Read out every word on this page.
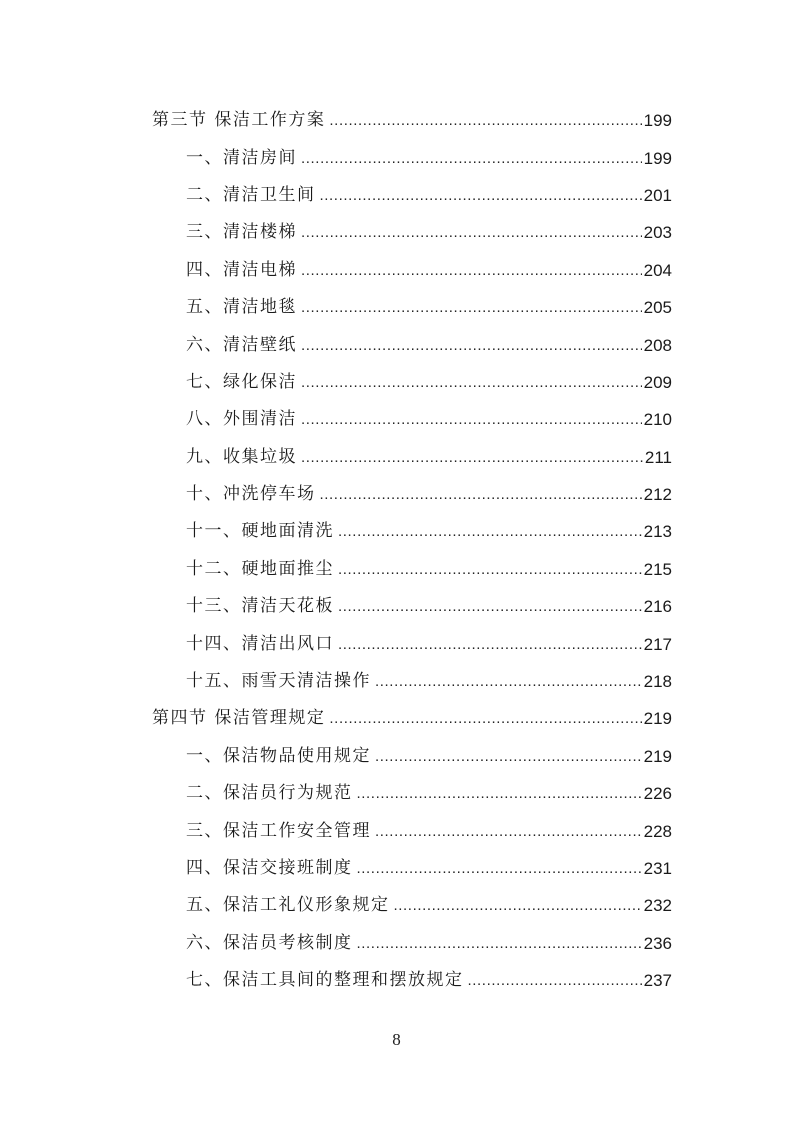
第三节 保洁工作方案 .....	199
一、清洁房间 .....	199
二、清洁卫生间 .....	201
三、清洁楼梯 .....	203
四、清洁电梯 .....	204
五、清洁地毯 .....	205
六、清洁壁纸 .....	208
七、绿化保洁 .....	209
八、外围清洁 .....	210
九、收集垃圾 .....	211
十、冲洗停车场 .....	212
十一、硬地面清洗 .....	213
十二、硬地面推尘 .....	215
十三、清洁天花板 .....	216
十四、清洁出风口 .....	217
十五、雨雪天清洁操作 .....	218
第四节 保洁管理规定 .....	219
一、保洁物品使用规定 .....	219
二、保洁员行为规范 .....	226
三、保洁工作安全管理 .....	228
四、保洁交接班制度 .....	231
五、保洁工礼仪形象规定 .....	232
六、保洁员考核制度 .....	236
七、保洁工具间的整理和摆放规定 .....	237
8
